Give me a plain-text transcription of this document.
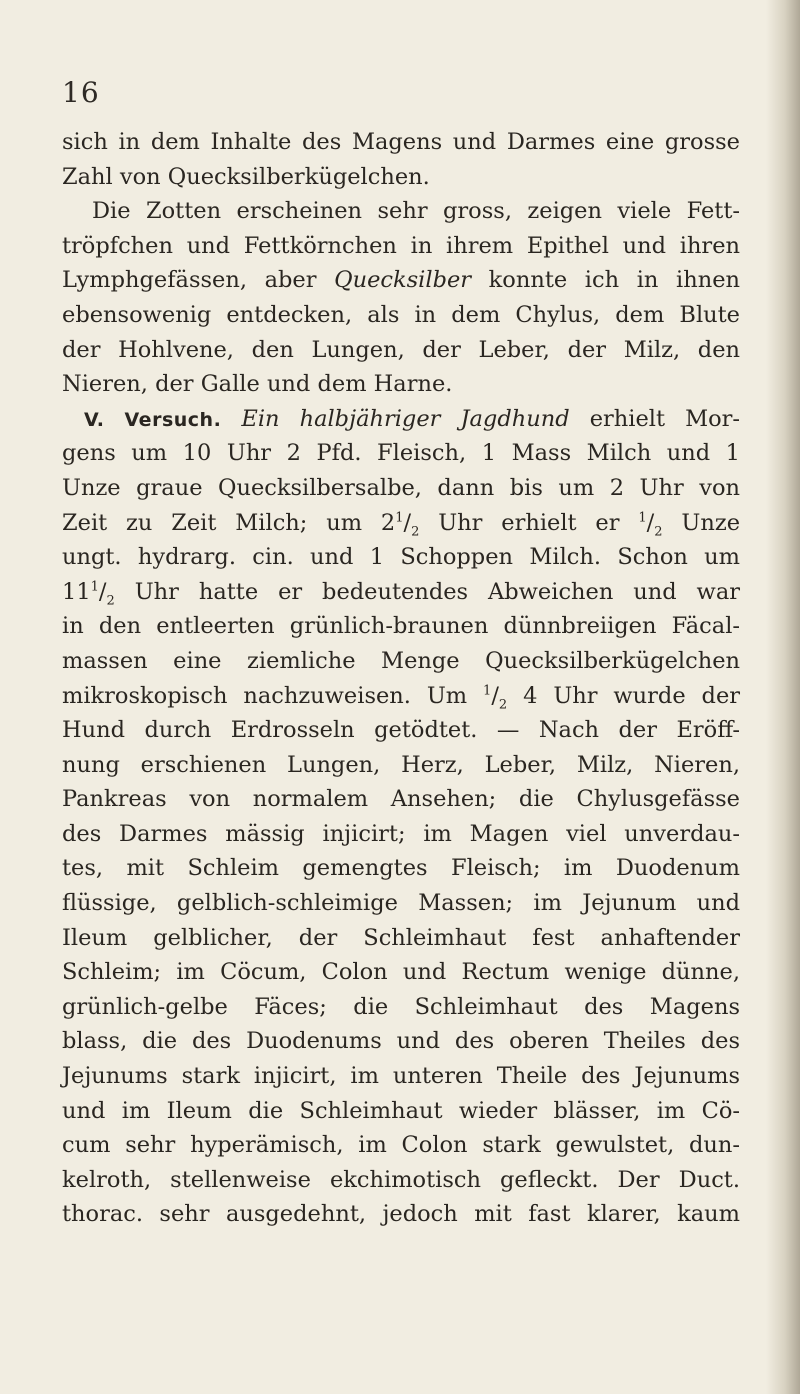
16
sich in dem Inhalte des Magens und Darmes eine grosse
Zahl von Quecksilberkügelchen.
Die Zotten erscheinen sehr gross, zeigen viele Fett-
tröpfchen und Fettkörnchen in ihrem Epithel und ihren
Lymphgefässen, aber Quecksilber konnte ich in ihnen
ebensowenig entdecken, als in dem Chylus, dem Blute
der Hohlvene, den Lungen, der Leber, der Milz, den
Nieren, der Galle und dem Harne.
V. Versuch. Ein halbjähriger Jagdhund erhielt Mor-
gens um 10 Uhr 2 Pfd. Fleisch, 1 Mass Milch und 1
Unze graue Quecksilbersalbe, dann bis um 2 Uhr von
Zeit zu Zeit Milch; um $2^1/_2$ Uhr erhielt er $^1/_2$ Unze
ungt. hydrarg. cin. und 1 Schoppen Milch. Schon um
$11^1/_2$ Uhr hatte er bedeutendes Abweichen und war
in den entleerten grünlich-braunen dünnbreiigen Fäcal-
massen eine ziemliche Menge Quecksilberkügelchen
mikroskopisch nachzuweisen. Um $^1/_2$ 4 Uhr wurde der
Hund durch Erdrosseln getödtet. — Nach der Eröff-
nung erschienen Lungen, Herz, Leber, Milz, Nieren,
Pankreas von normalem Ansehen; die Chylusgefässe
des Darmes mässig injicirt; im Magen viel unverdau-
tes, mit Schleim gemengtes Fleisch; im Duodenum
flüssige, gelblich-schleimige Massen; im Jejunum und
Ileum gelblicher, der Schleimhaut fest anhaftender
Schleim; im Cöcum, Colon und Rectum wenige dünne,
grünlich-gelbe Fäces; die Schleimhaut des Magens
blass, die des Duodenums und des oberen Theiles des
Jejunums stark injicirt, im unteren Theile des Jejunums
und im Ileum die Schleimhaut wieder blässer, im Cö-
cum sehr hyperämisch, im Colon stark gewulstet, dun-
kelroth, stellenweise ekchimotisch gefleckt. Der Duct.
thorac. sehr ausgedehnt, jedoch mit fast klarer, kaum
